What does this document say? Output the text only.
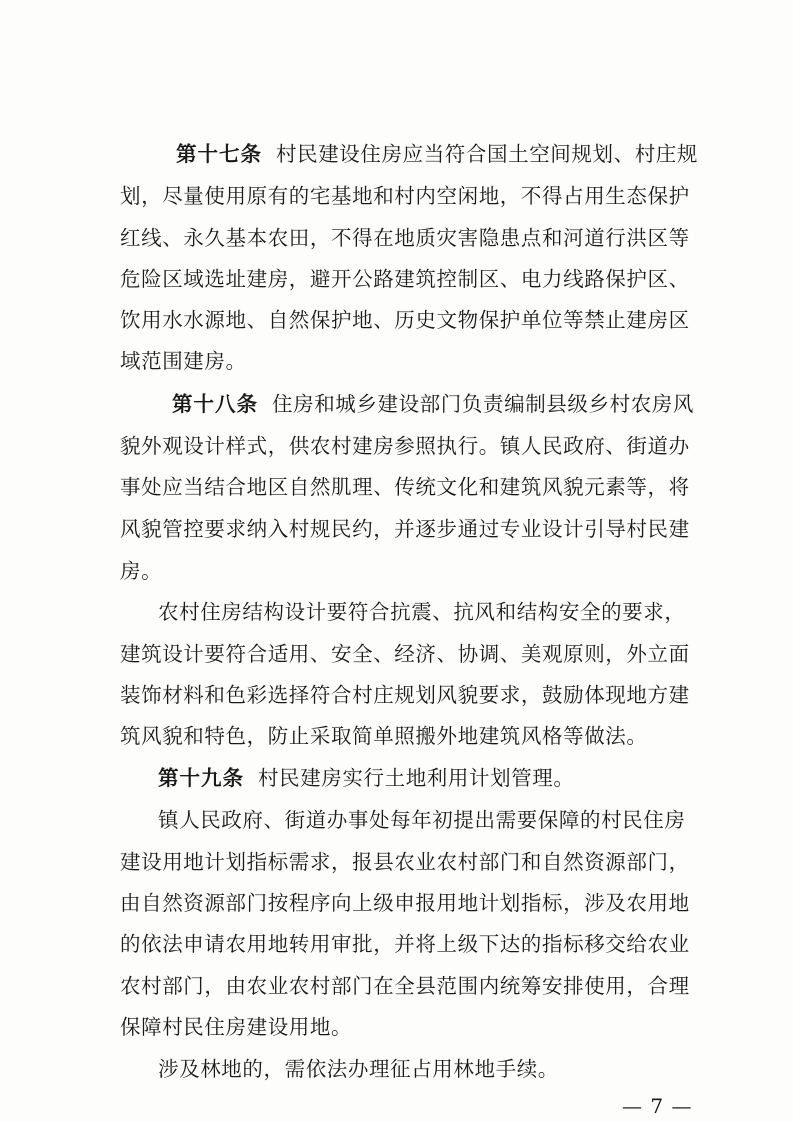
第十七条 村民建设住房应当符合国土空间规划、村庄规
划，尽量使用原有的宅基地和村内空闲地，不得占用生态保护
红线、永久基本农田，不得在地质灾害隐患点和河道行洪区等
危险区域选址建房，避开公路建筑控制区、电力线路保护区、
饮用水水源地、自然保护地、历史文物保护单位等禁止建房区
域范围建房。
第十八条 住房和城乡建设部门负责编制县级乡村农房风
貌外观设计样式，供农村建房参照执行。镇人民政府、街道办
事处应当结合地区自然肌理、传统文化和建筑风貌元素等，将
风貌管控要求纳入村规民约，并逐步通过专业设计引导村民建
房。
农村住房结构设计要符合抗震、抗风和结构安全的要求，
建筑设计要符合适用、安全、经济、协调、美观原则，外立面
装饰材料和色彩选择符合村庄规划风貌要求，鼓励体现地方建
筑风貌和特色，防止采取简单照搬外地建筑风格等做法。
第十九条 村民建房实行土地利用计划管理。
镇人民政府、街道办事处每年初提出需要保障的村民住房
建设用地计划指标需求，报县农业农村部门和自然资源部门，
由自然资源部门按程序向上级申报用地计划指标，涉及农用地
的依法申请农用地转用审批，并将上级下达的指标移交给农业
农村部门，由农业农村部门在全县范围内统筹安排使用，合理
保障村民住房建设用地。
涉及林地的，需依法办理征占用林地手续。
— 7 —
